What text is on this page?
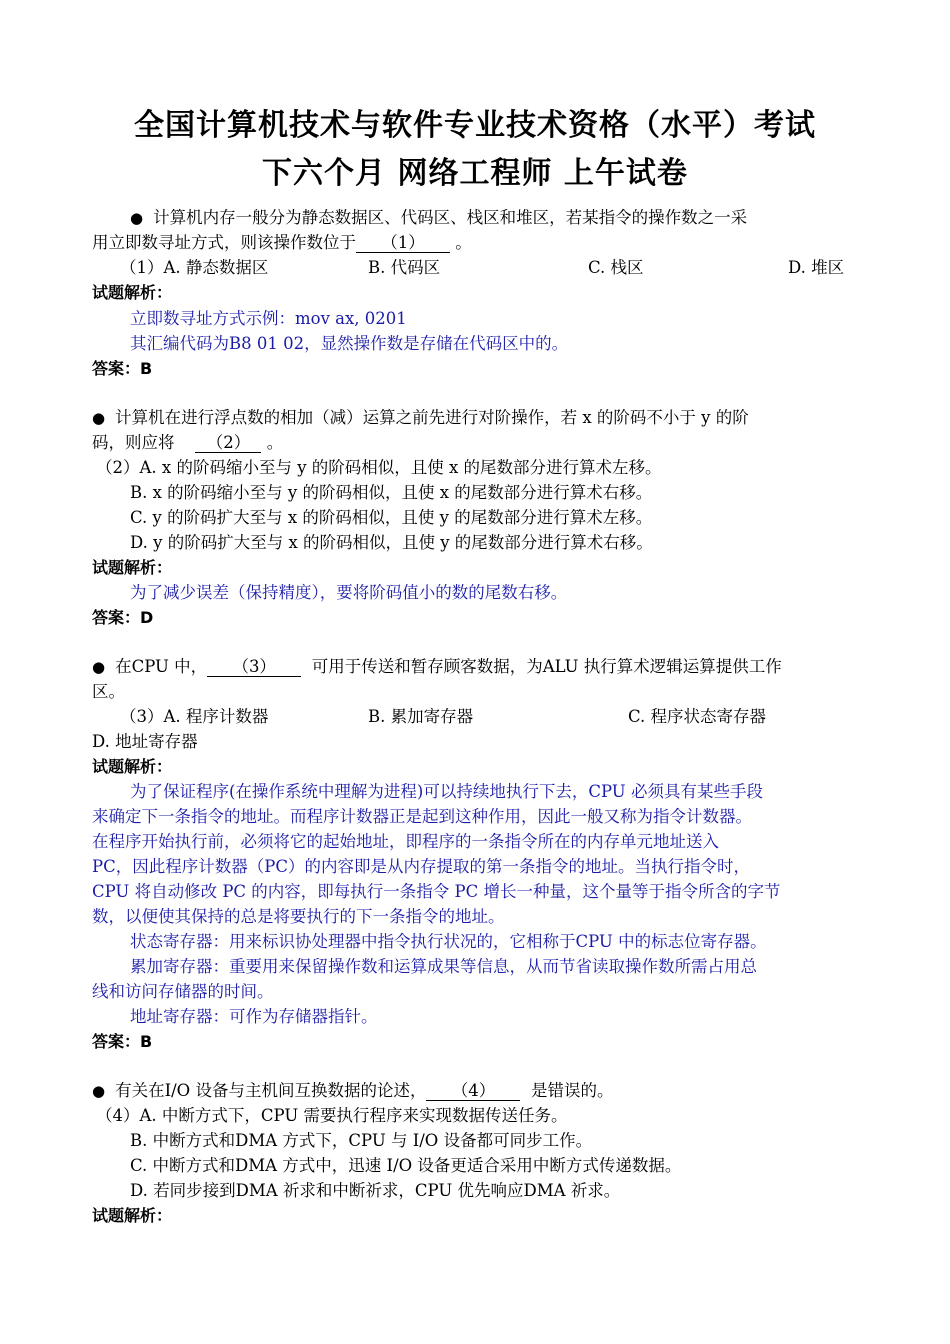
全国计算机技术与软件专业技术资格（水平）考试
下六个月 网络工程师 上午试卷
● 计算机内存一般分为静态数据区、代码区、栈区和堆区，若某指令的操作数之一采
用立即数寻址方式，则该操作数位于 （1） 。
（1）A. 静态数据区	B. 代码区	C. 栈区	D. 堆区
试题解析：
立即数寻址方式示例：mov ax, 0201
其汇编代码为B8 01 02，显然操作数是存储在代码区中的。
答案：B
● 计算机在进行浮点数的相加（减）运算之前先进行对阶操作，若 x 的阶码不小于 y 的阶
码，则应将 （2） 。
（2）A. x 的阶码缩小至与 y 的阶码相似，且使 x 的尾数部分进行算术左移。
B. x 的阶码缩小至与 y 的阶码相似，且使 x 的尾数部分进行算术右移。
C. y 的阶码扩大至与 x 的阶码相似，且使 y 的尾数部分进行算术左移。
D. y 的阶码扩大至与 x 的阶码相似，且使 y 的尾数部分进行算术右移。
试题解析：
为了减少误差（保持精度），要将阶码值小的数的尾数右移。
答案：D
● 在CPU 中， （3） 可用于传送和暂存顾客数据，为ALU 执行算术逻辑运算提供工作
区。
（3）A. 程序计数器	B. 累加寄存器	C. 程序状态寄存器
D. 地址寄存器
试题解析：
为了保证程序(在操作系统中理解为进程)可以持续地执行下去，CPU 必须具有某些手段
来确定下一条指令的地址。而程序计数器正是起到这种作用，因此一般又称为指令计数器。
在程序开始执行前，必须将它的起始地址，即程序的一条指令所在的内存单元地址送入
PC，因此程序计数器（PC）的内容即是从内存提取的第一条指令的地址。当执行指令时，
CPU 将自动修改 PC 的内容，即每执行一条指令 PC 增长一种量，这个量等于指令所含的字节
数，以便使其保持的总是将要执行的下一条指令的地址。
状态寄存器：用来标识协处理器中指令执行状况的，它相称于CPU 中的标志位寄存器。
累加寄存器：重要用来保留操作数和运算成果等信息，从而节省读取操作数所需占用总
线和访问存储器的时间。
地址寄存器：可作为存储器指针。
答案：B
● 有关在I/O 设备与主机间互换数据的论述， （4） 是错误的。
（4）A. 中断方式下，CPU 需要执行程序来实现数据传送任务。
B. 中断方式和DMA 方式下，CPU 与 I/O 设备都可同步工作。
C. 中断方式和DMA 方式中，迅速 I/O 设备更适合采用中断方式传递数据。
D. 若同步接到DMA 祈求和中断祈求，CPU 优先响应DMA 祈求。
试题解析：
